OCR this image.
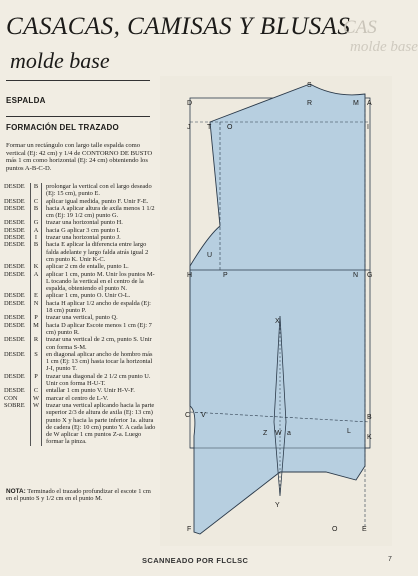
CASACAS, CAMISAS Y BLUSAS
CAS
molde base
molde base
ESPALDA
FORMACIÓN DEL TRAZADO
Formar un rectángulo con largo talle espalda como vertical (Ej: 42 cm) y 1/4 de CONTORNO DE BUSTO más 1 cm como horizontal (Ej: 24 cm) obteniendo los puntos A-B-C-D.
DESDE	B	prolongar la vertical con el largo deseado (Ej: 15 cm), punto E.
DESDE	C	aplicar igual medida, punto F. Unir F-E.
DESDE	B	hacia A aplicar altura de axila menos 1 1/2 cm (Ej: 19 1/2 cm) punto G.
DESDE	G	trazar una horizontal punto H.
DESDE	A	hacia G aplicar 3 cm punto I.
DESDE	I	trazar una horizontal punto J.
DESDE	B	hacia E aplicar la diferencia entre largo falda adelante y largo falda atrás igual 2 cm punto K. Unir K-C.
DESDE	K	aplicar 2 cm de entalle, punto L.
DESDE	A	aplicar 1 cm, punto M. Unir los puntos M-L tocando la vertical en el centro de la espalda, obteniendo el punto N.
DESDE	E	aplicar 1 cm, punto O. Unir O-L.
DESDE	N	hacia H aplicar 1/2 ancho de espalda (Ej: 18 cm) punto P.
DESDE	P	trazar una vertical, punto Q.
DESDE	M	hacia D aplicar Escote menos 1 cm (Ej: 7 cm) punto R.
DESDE	R	trazar una vertical de 2 cm, punto S. Unir con forma S-M.
DESDE	S	en diagonal aplicar ancho de hombro más 1 cm (Ej: 13 cm) hasta tocar la horizontal J-I, punto T.
DESDE	P	trazar una diagonal de 2 1/2 cm punto U. Unir con forma H-U-T.
DESDE	C	entallar 1 cm punto V. Unir H-V-F.
CON	W	marcar el centro de L-V.
SOBRE	W	trazar una vertical aplicando hacia la parte superior 2/3 de altura de axila (Ej: 13 cm) punto X y hacia la parte inferior 1a. altura de cadera (Ej: 10 cm) punto Y. A cada lado de W aplicar 1 cm puntos Z-a. Luego formar la pinza.
NOTA: Terminado el trazado profundizar el escote 1 cm en el punto S y 1/2 cm en el punto M.
D
S
R	M A
J T O	I
U
H	P	N G
X
C V	B
Z W a	L
K
Y
F	O	E
SCANNEADO POR FLCLSC	7
